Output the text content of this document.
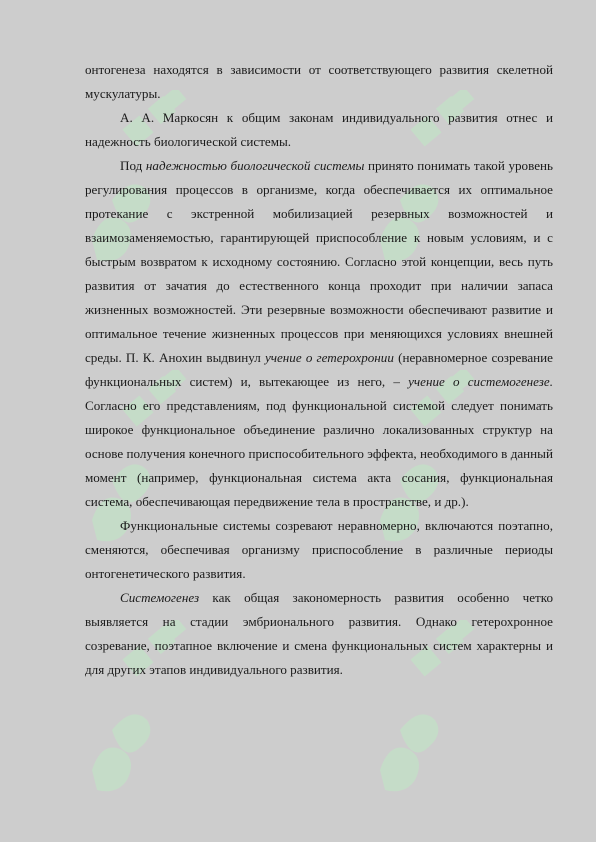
онтогенеза находятся в зависимости от соответствующего развития скелетной мускулатуры.

А. А. Маркосян к общим законам индивидуального развития отнес и надежность биологической системы.

Под надежностью биологической системы принято понимать такой уровень регулирования процессов в организме, когда обеспечивается их оптимальное протекание с экстренной мобилизацией резервных возможностей и взаимозаменяемостью, гарантирующей приспособление к новым условиям, и с быстрым возвратом к исходному состоянию. Согласно этой концепции, весь путь развития от зачатия до естественного конца проходит при наличии запаса жизненных возможностей. Эти резервные возможности обеспечивают развитие и оптимальное течение жизненных процессов при меняющихся условиях внешней среды. П. К. Анохин выдвинул учение о гетерохронии (неравномерное созревание функциональных систем) и, вытекающее из него, – учение о системогенезе. Согласно его представлениям, под функциональной системой следует понимать широкое функциональное объединение различно локализованных структур на основе получения конечного приспособительного эффекта, необходимого в данный момент (например, функциональная система акта сосания, функциональная система, обеспечивающая передвижение тела в пространстве, и др.).

Функциональные системы созревают неравномерно, включаются поэтапно, сменяются, обеспечивая организму приспособление в различные периоды онтогенетического развития.

Системогенез как общая закономерность развития особенно четко выявляется на стадии эмбрионального развития. Однако гетерохронное созревание, поэтапное включение и смена функциональных систем характерны и для других этапов индивидуального развития.
